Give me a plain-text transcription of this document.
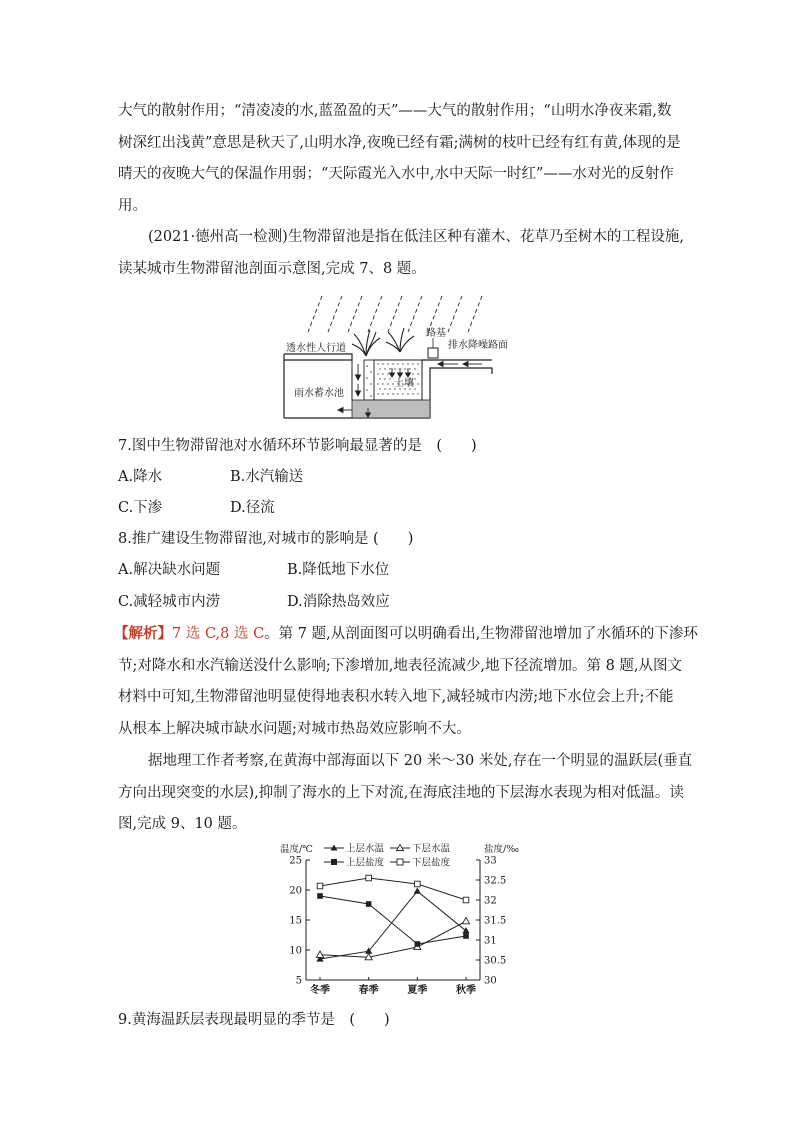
大气的散射作用；“清凌凌的水,蓝盈盈的天”——大气的散射作用；“山明水净夜来霜,数
树深红出浅黄”意思是秋天了,山明水净,夜晚已经有霜;满树的枝叶已经有红有黄,体现的是
晴天的夜晚大气的保温作用弱；“天际霞光入水中,水中天际一时红”——水对光的反射作
用。

(2021·德州高一检测)生物滞留池是指在低洼区种有灌木、花草乃至树木的工程设施,
读某城市生物滞留池剖面示意图,完成 7、8 题。

透水性人行道
路基
排水降噪路面
土壤
雨水蓄水池
7.图中生物滞留池对水循环环节影响最显著的是　(　　)
A.降水	B.水汽输送
C.下渗	D.径流
8.推广建设生物滞留池,对城市的影响是 (　　)
A.解决缺水问题	B.降低地下水位
C.减轻城市内涝	D.消除热岛效应

【解析】7 选 C,8 选 C。第 7 题,从剖面图可以明确看出,生物滞留池增加了水循环的下渗环
节;对降水和水汽输送没什么影响;下渗增加,地表径流减少,地下径流增加。第 8 题,从图文
材料中可知,生物滞留池明显使得地表积水转入地下,减轻城市内涝;地下水位会上升;不能
从根本上解决城市缺水问题;对城市热岛效应影响不大。

据地理工作者考察,在黄海中部海面以下 20 米～30 米处,存在一个明显的温跃层(垂直
方向出现突变的水层),抑制了海水的上下对流,在海底洼地的下层海水表现为相对低温。读
图,完成 9、10 题。

温度/℃	盐度/‰
上层水温	下层水温
上层盐度	下层盐度
25
20
15
10
5
33
32.5
32
31.5
31
30.5
30
冬季	春季	夏季	秋季
9.黄海温跃层表现最明显的季节是　(　　)
